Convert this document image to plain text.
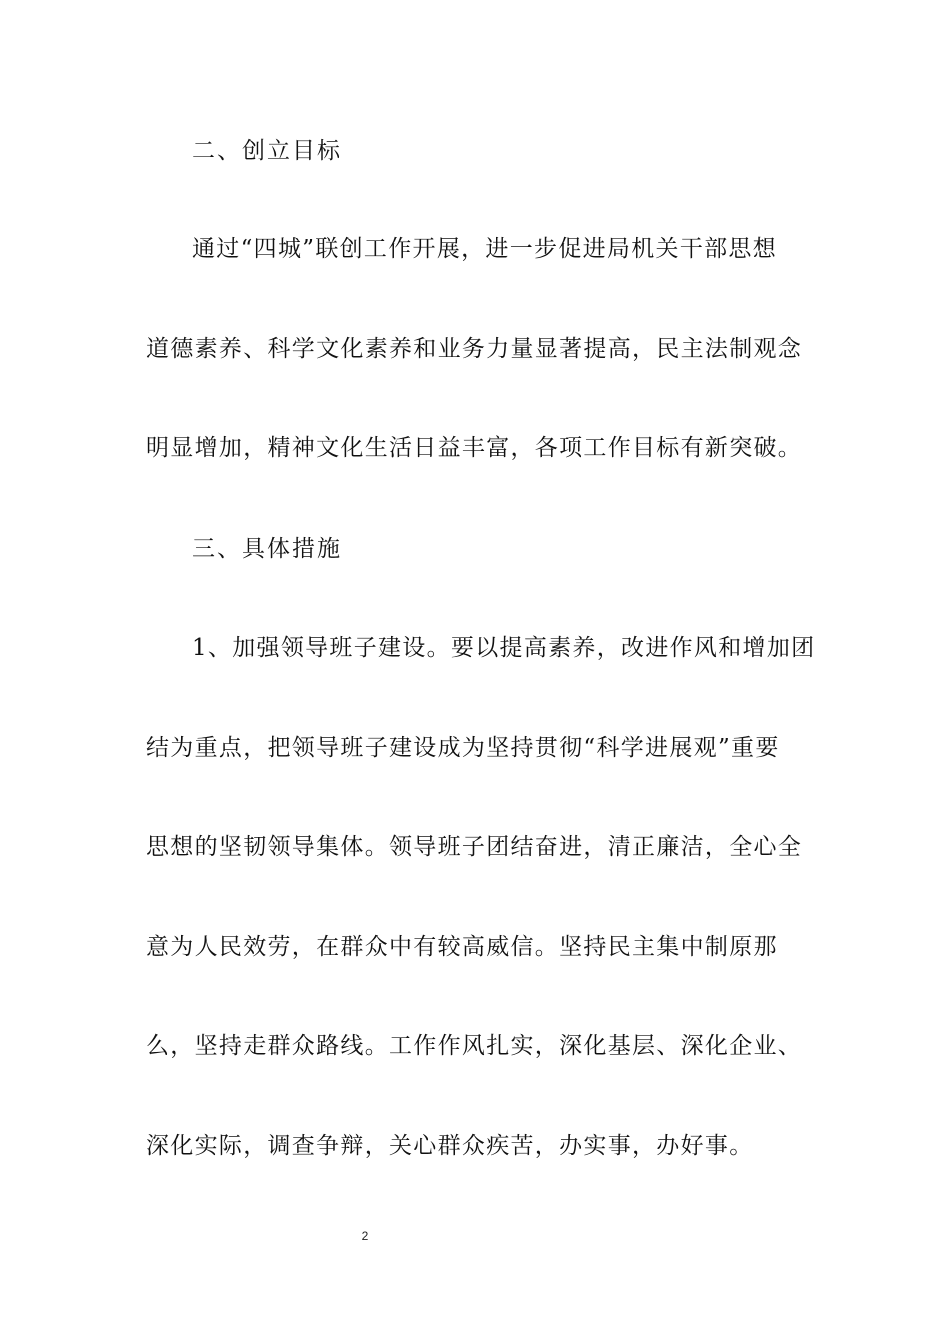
二、创立目标
通过“四城”联创工作开展，进一步促进局机关干部思想
道德素养、科学文化素养和业务力量显著提高，民主法制观念
明显增加，精神文化生活日益丰富，各项工作目标有新突破。
三、具体措施
1、加强领导班子建设。要以提高素养，改进作风和增加团
结为重点，把领导班子建设成为坚持贯彻“科学进展观”重要
思想的坚韧领导集体。领导班子团结奋进，清正廉洁，全心全
意为人民效劳，在群众中有较高威信。坚持民主集中制原那
么，坚持走群众路线。工作作风扎实，深化基层、深化企业、
深化实际，调查争辩，关心群众疾苦，办实事，办好事。
2
